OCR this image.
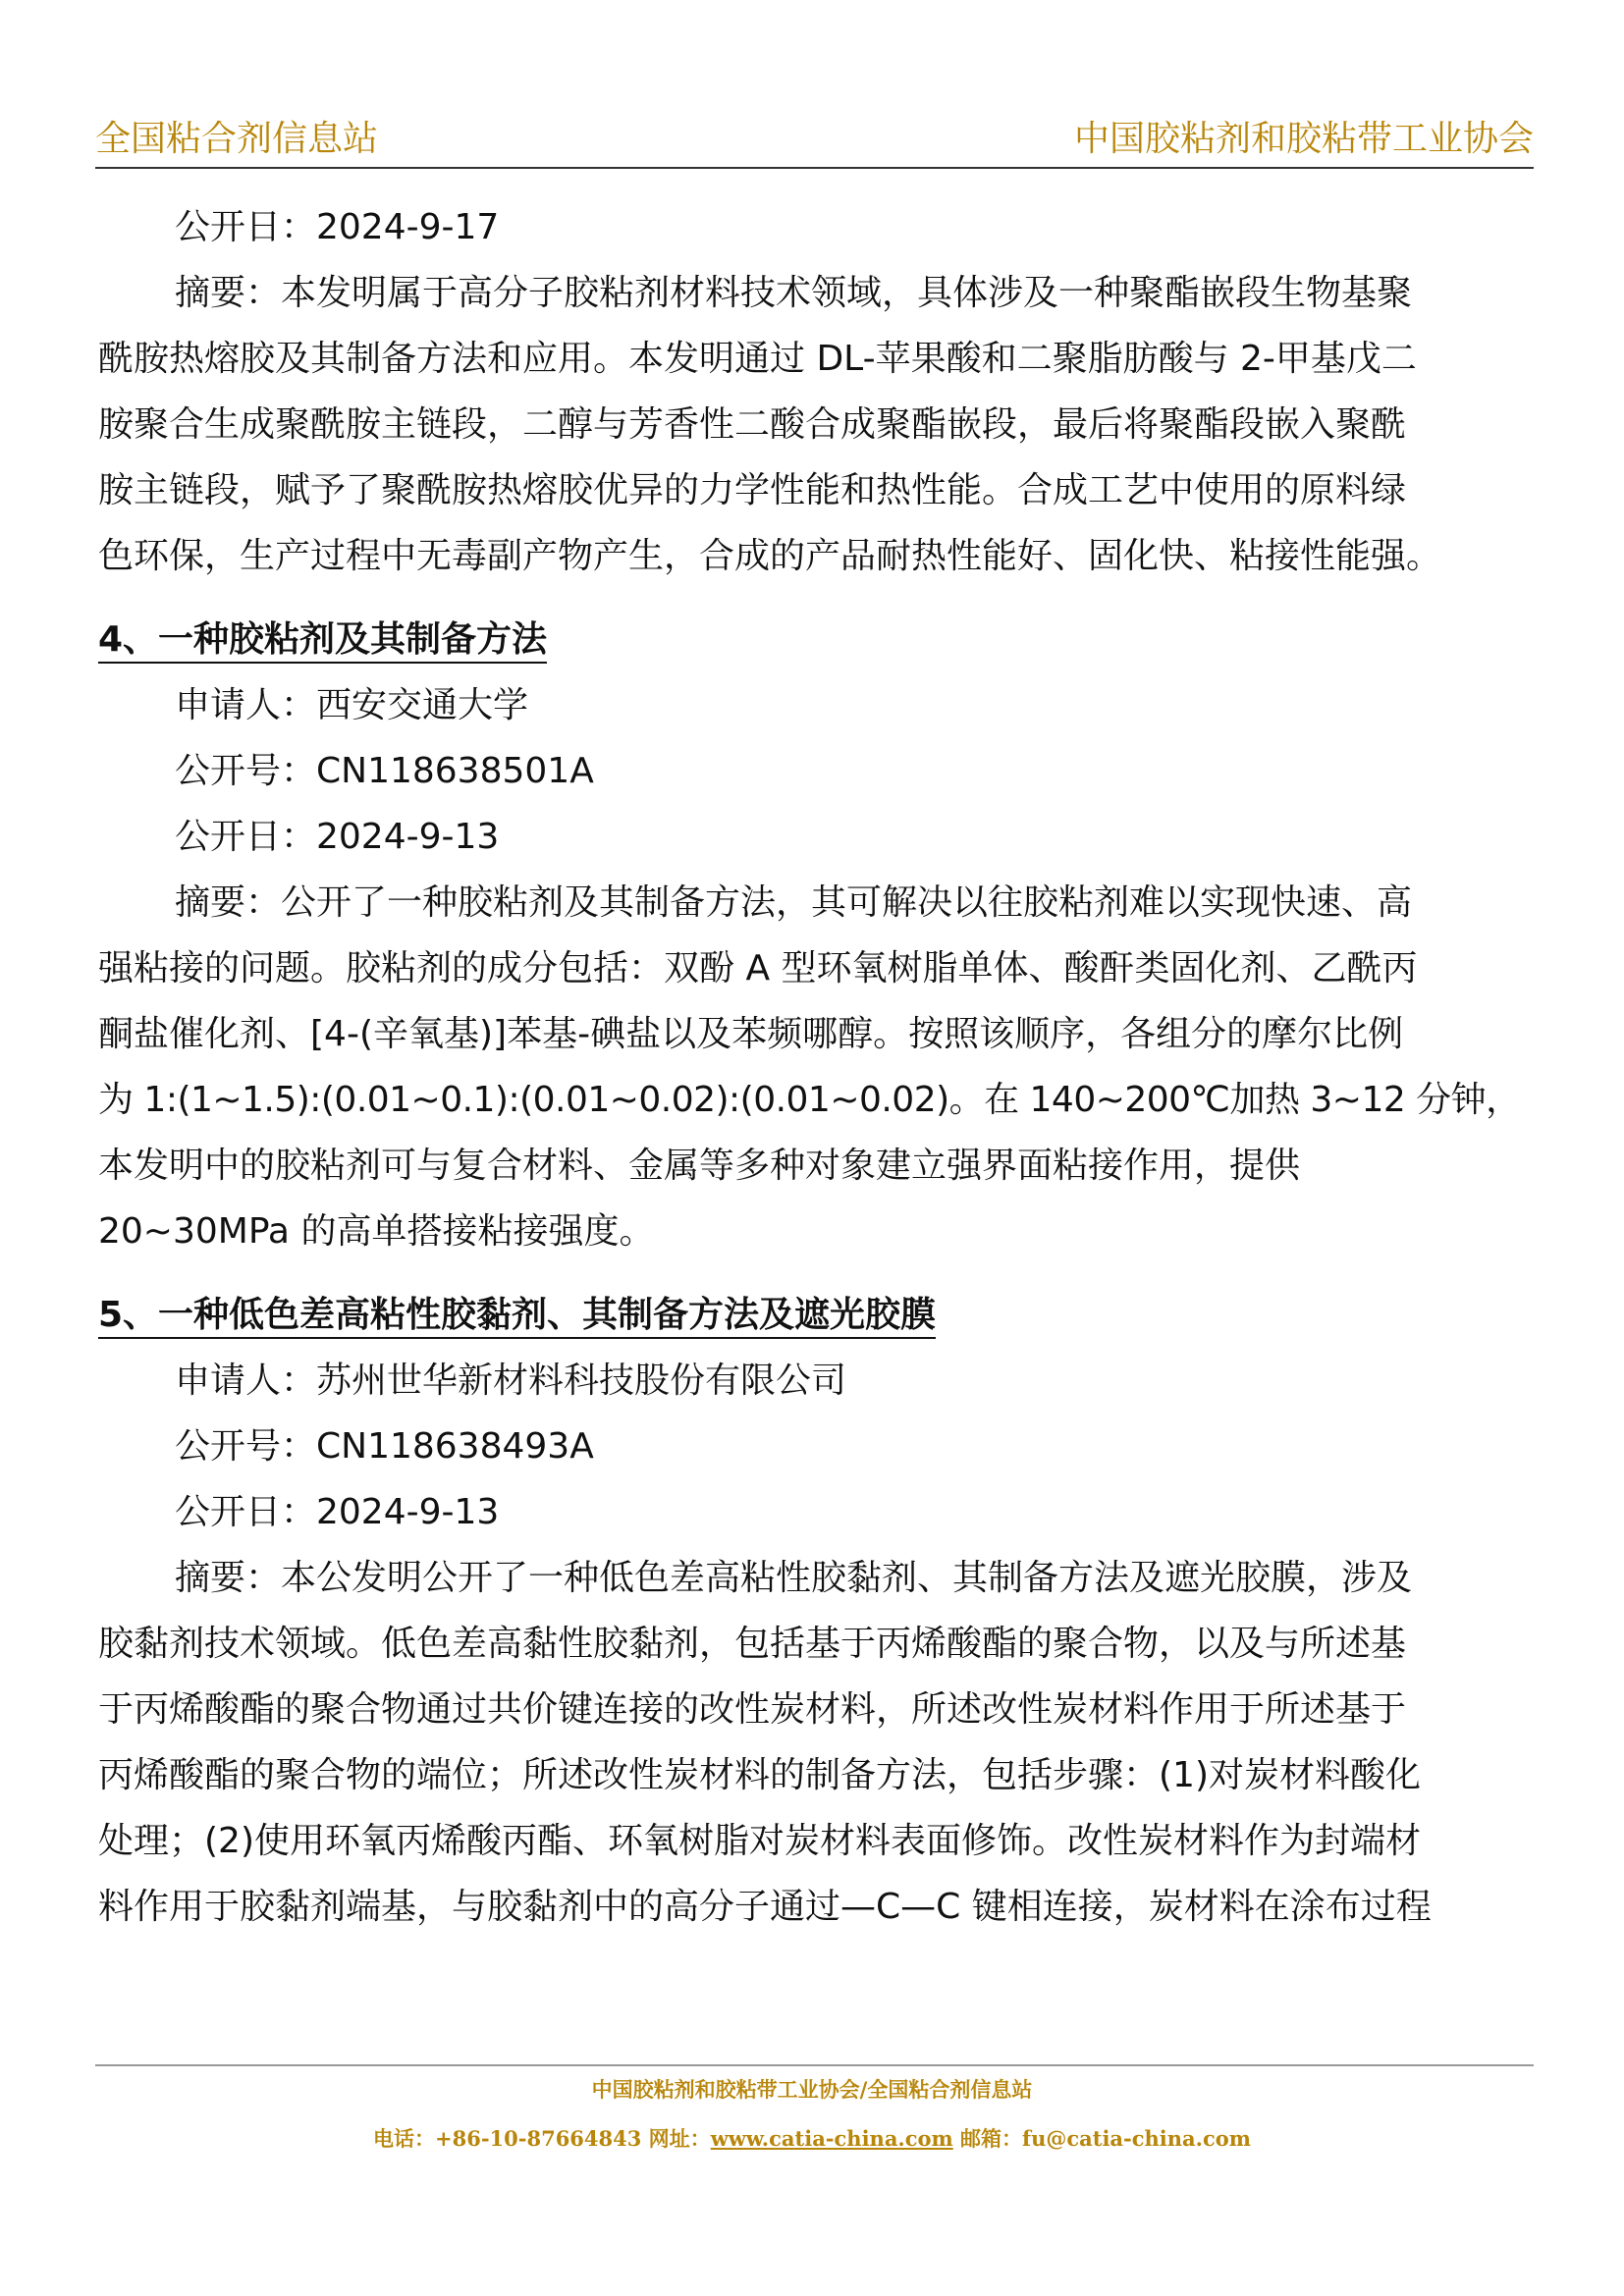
全国粘合剂信息站	中国胶粘剂和胶粘带工业协会
公开日：2024-9-17
摘要：本发明属于高分子胶粘剂材料技术领域，具体涉及一种聚酯嵌段生物基聚
酰胺热熔胶及其制备方法和应用。本发明通过 DL-苹果酸和二聚脂肪酸与 2-甲基戊二
胺聚合生成聚酰胺主链段，二醇与芳香性二酸合成聚酯嵌段，最后将聚酯段嵌入聚酰
胺主链段，赋予了聚酰胺热熔胶优异的力学性能和热性能。合成工艺中使用的原料绿
色环保，生产过程中无毒副产物产生，合成的产品耐热性能好、固化快、粘接性能强。
4、一种胶粘剂及其制备方法
申请人：西安交通大学
公开号：CN118638501A
公开日：2024-9-13
摘要：公开了一种胶粘剂及其制备方法，其可解决以往胶粘剂难以实现快速、高
强粘接的问题。胶粘剂的成分包括：双酚 A 型环氧树脂单体、酸酐类固化剂、乙酰丙
酮盐催化剂、[4-(辛氧基)]苯基-碘盐以及苯频哪醇。按照该顺序，各组分的摩尔比例
为 1:(1~1.5):(0.01~0.1):(0.01~0.02):(0.01~0.02)。在 140~200℃加热 3~12 分钟，
本发明中的胶粘剂可与复合材料、金属等多种对象建立强界面粘接作用，提供
20~30MPa 的高单搭接粘接强度。
5、一种低色差高粘性胶黏剂、其制备方法及遮光胶膜
申请人：苏州世华新材料科技股份有限公司
公开号：CN118638493A
公开日：2024-9-13
摘要：本公发明公开了一种低色差高粘性胶黏剂、其制备方法及遮光胶膜，涉及
胶黏剂技术领域。低色差高黏性胶黏剂，包括基于丙烯酸酯的聚合物，以及与所述基
于丙烯酸酯的聚合物通过共价键连接的改性炭材料，所述改性炭材料作用于所述基于
丙烯酸酯的聚合物的端位；所述改性炭材料的制备方法，包括步骤：(1)对炭材料酸化
处理；(2)使用环氧丙烯酸丙酯、环氧树脂对炭材料表面修饰。改性炭材料作为封端材
料作用于胶黏剂端基，与胶黏剂中的高分子通过—C—C 键相连接，炭材料在涂布过程
中国胶粘剂和胶粘带工业协会/全国粘合剂信息站
电话：+86-10-87664843 网址：www.catia-china.com 邮箱：fu@catia-china.com
